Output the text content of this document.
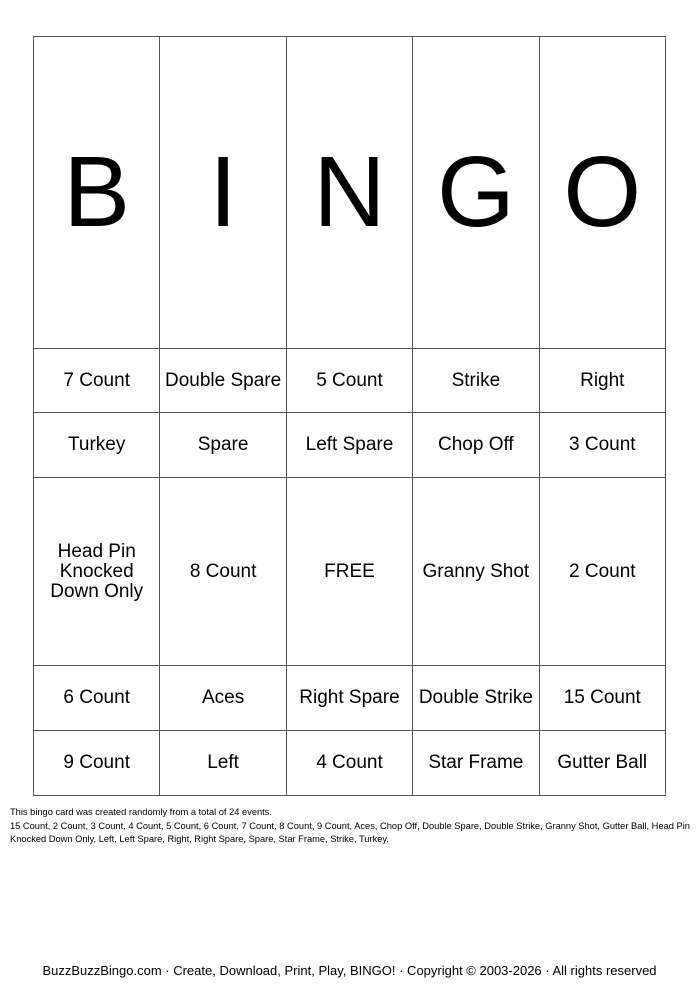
B	I	N	G	O
7 Count	Double Spare	5 Count	Strike	Right
Turkey	Spare	Left Spare	Chop Off	3 Count
Head Pin Knocked Down Only	8 Count	FREE	Granny Shot	2 Count
6 Count	Aces	Right Spare	Double Strike	15 Count
9 Count	Left	4 Count	Star Frame	Gutter Ball

This bingo card was created randomly from a total of 24 events.

15 Count, 2 Count, 3 Count, 4 Count, 5 Count, 6 Count, 7 Count, 8 Count, 9 Count, Aces, Chop Off, Double Spare, Double Strike, Granny Shot, Gutter Ball, Head Pin Knocked Down Only, Left, Left Spare, Right, Right Spare, Spare, Star Frame, Strike, Turkey.

BuzzBuzzBingo.com · Create, Download, Print, Play, BINGO! · Copyright © 2003-2026 · All rights reserved
